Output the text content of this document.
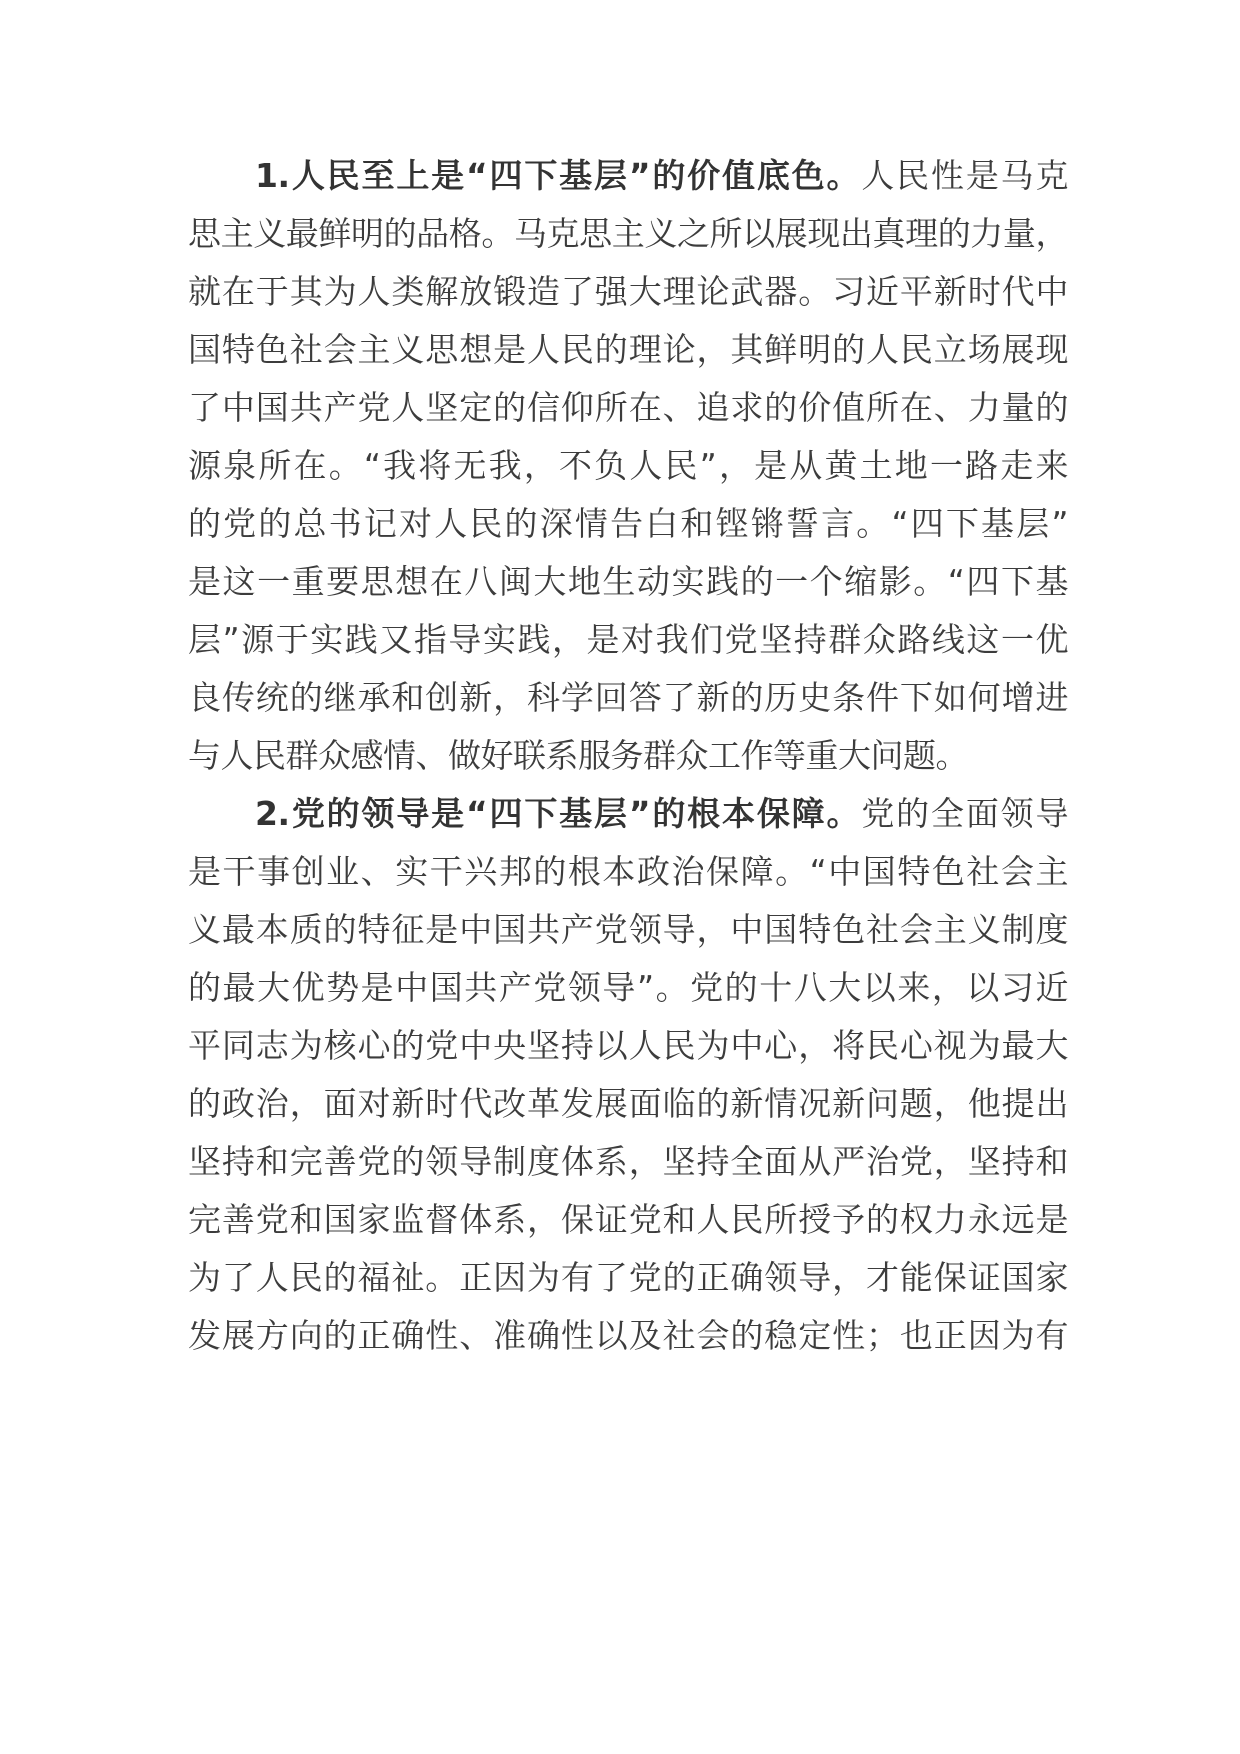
1.人民至上是“四下基层”的价值底色。人民性是马克
思主义最鲜明的品格。马克思主义之所以展现出真理的力量，
就在于其为人类解放锻造了强大理论武器。习近平新时代中
国特色社会主义思想是人民的理论，其鲜明的人民立场展现
了中国共产党人坚定的信仰所在、追求的价值所在、力量的
源泉所在。“我将无我，不负人民”，是从黄土地一路走来
的党的总书记对人民的深情告白和铿锵誓言。“四下基层”
是这一重要思想在八闽大地生动实践的一个缩影。“四下基
层”源于实践又指导实践，是对我们党坚持群众路线这一优
良传统的继承和创新，科学回答了新的历史条件下如何增进
与人民群众感情、做好联系服务群众工作等重大问题。
2.党的领导是“四下基层”的根本保障。党的全面领导
是干事创业、实干兴邦的根本政治保障。“中国特色社会主
义最本质的特征是中国共产党领导，中国特色社会主义制度
的最大优势是中国共产党领导”。党的十八大以来，以习近
平同志为核心的党中央坚持以人民为中心，将民心视为最大
的政治，面对新时代改革发展面临的新情况新问题，他提出
坚持和完善党的领导制度体系，坚持全面从严治党，坚持和
完善党和国家监督体系，保证党和人民所授予的权力永远是
为了人民的福祉。正因为有了党的正确领导，才能保证国家
发展方向的正确性、准确性以及社会的稳定性；也正因为有
